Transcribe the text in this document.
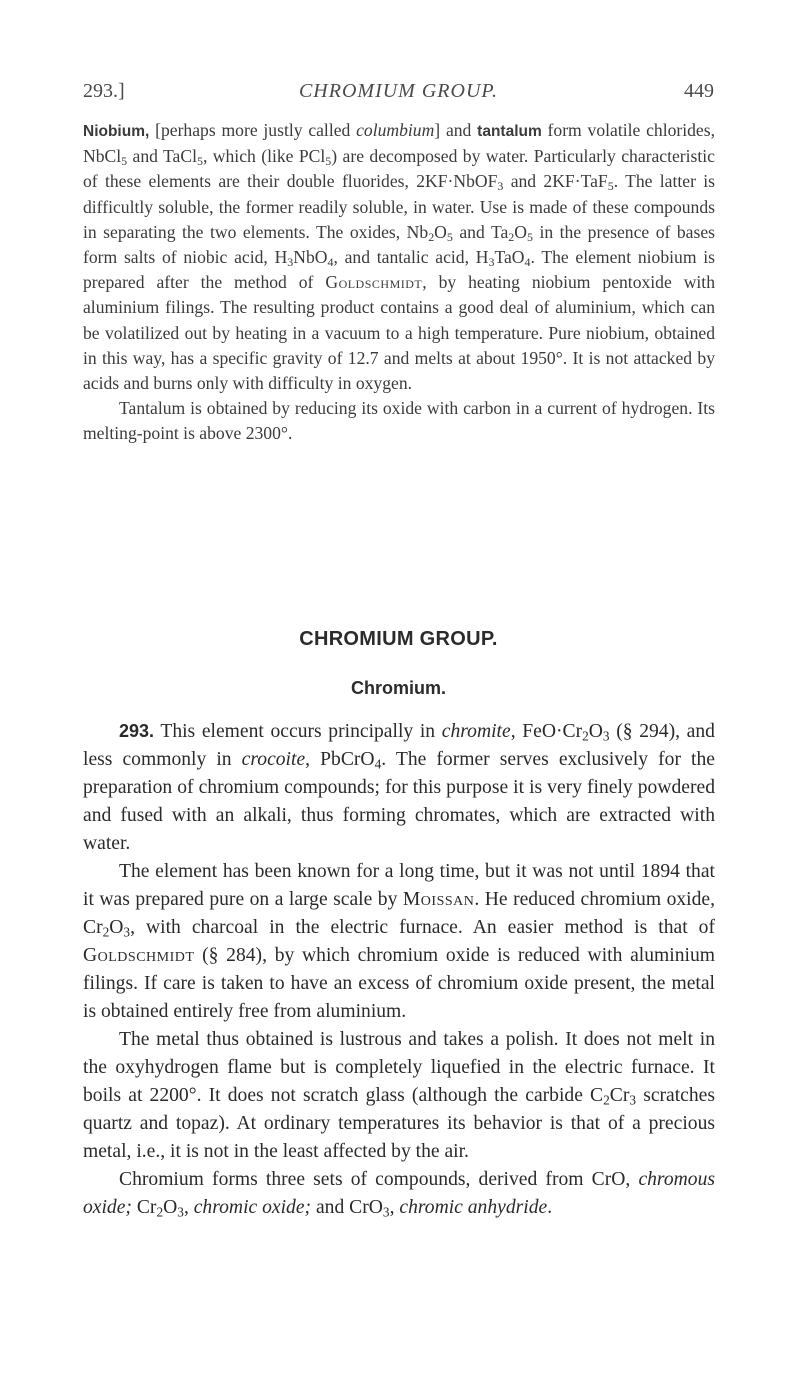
293.]	CHROMIUM GROUP.	449

Niobium, [perhaps more justly called columbium] and tantalum form volatile chlorides, NbCl$_5$ and TaCl$_5$, which (like PCl$_5$) are decomposed by water. Particularly characteristic of these elements are their double fluorides, 2KF·NbOF$_3$ and 2KF·TaF$_5$. The latter is difficultly soluble, the former readily soluble, in water. Use is made of these compounds in separating the two elements. The oxides, $Nb_2O_5$ and $Ta_2O_5$ in the presence of bases form salts of niobic acid, $H_3NbO_4$, and tantalic acid, $H_3TaO_4$. The element niobium is prepared after the method of Goldschmidt, by heating niobium pentoxide with aluminium filings. The resulting product contains a good deal of aluminium, which can be volatilized out by heating in a vacuum to a high temperature. Pure niobium, obtained in this way, has a specific gravity of 12.7 and melts at about 1950°. It is not attacked by acids and burns only with difficulty in oxygen.

Tantalum is obtained by reducing its oxide with carbon in a current of hydrogen. Its melting-point is above 2300°.

CHROMIUM GROUP.
Chromium.

293. This element occurs principally in chromite, $FeO\cdot Cr_2O_3$ (§ 294), and less commonly in crocoite, PbCrO$_4$. The former serves exclusively for the preparation of chromium compounds; for this purpose it is very finely powdered and fused with an alkali, thus forming chromates, which are extracted with water.

The element has been known for a long time, but it was not until 1894 that it was prepared pure on a large scale by Moissan. He reduced chromium oxide, $Cr_2O_3$, with charcoal in the electric furnace. An easier method is that of Goldschmidt (§ 284), by which chromium oxide is reduced with aluminium filings. If care is taken to have an excess of chromium oxide present, the metal is obtained entirely free from aluminium.

The metal thus obtained is lustrous and takes a polish. It does not melt in the oxyhydrogen flame but is completely liquefied in the electric furnace. It boils at 2200°. It does not scratch glass (although the carbide $C_2Cr_3$ scratches quartz and topaz). At ordinary temperatures its behavior is that of a precious metal, i.e., it is not in the least affected by the air.

Chromium forms three sets of compounds, derived from CrO, chromous oxide; $Cr_2O_3$, chromic oxide; and CrO$_3$, chromic anhydride.
